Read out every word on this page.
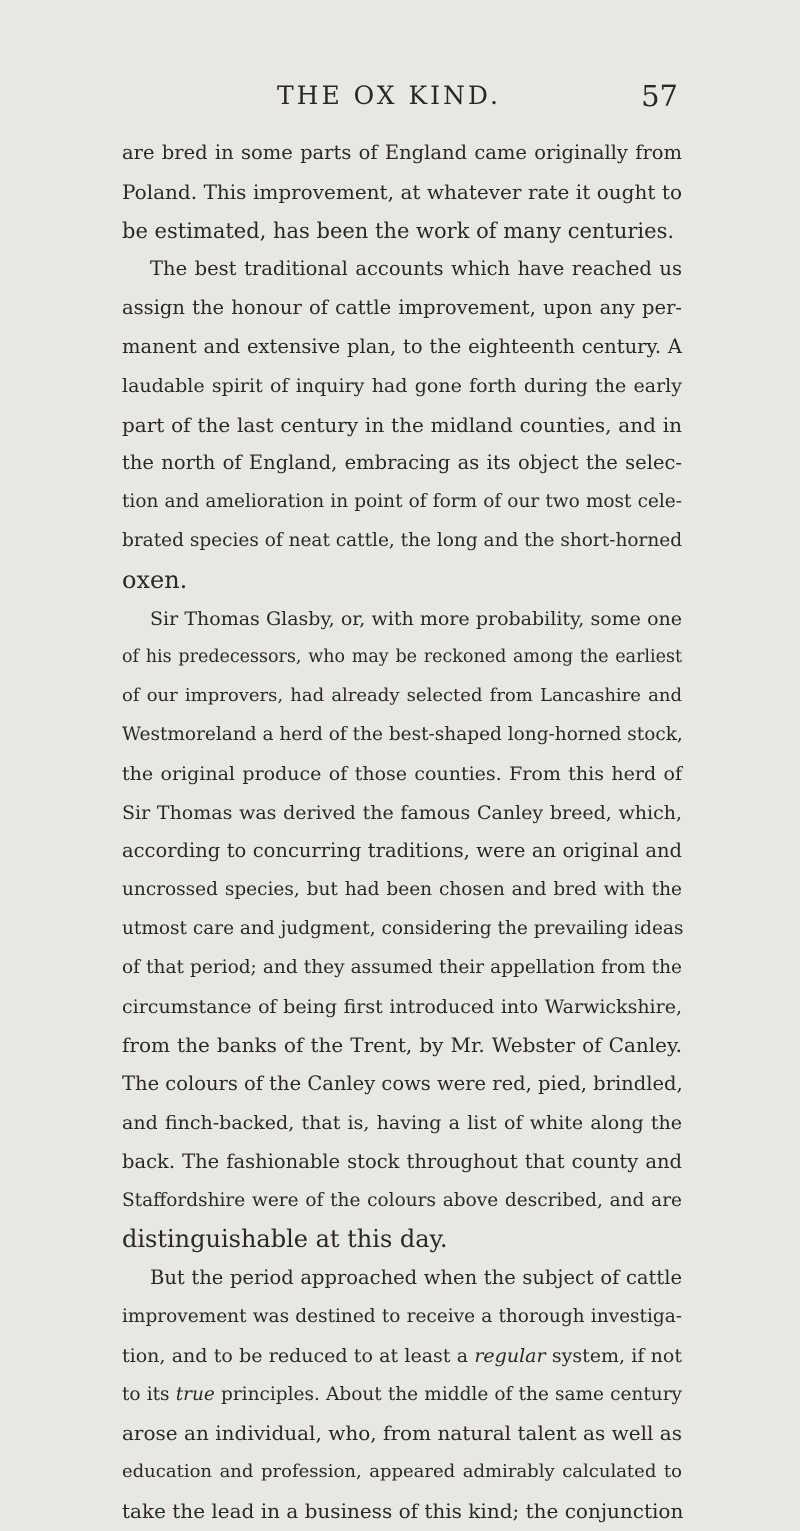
THE OX KIND.	57
are bred in some parts of England came originally from
Poland. This improvement, at whatever rate it ought to
be estimated, has been the work of many centuries.
The best traditional accounts which have reached us
assign the honour of cattle improvement, upon any per-
manent and extensive plan, to the eighteenth century. A
laudable spirit of inquiry had gone forth during the early
part of the last century in the midland counties, and in
the north of England, embracing as its object the selec-
tion and amelioration in point of form of our two most cele-
brated species of neat cattle, the long and the short-horned
oxen.
Sir Thomas Glasby, or, with more probability, some one
of his predecessors, who may be reckoned among the earliest
of our improvers, had already selected from Lancashire and
Westmoreland a herd of the best-shaped long-horned stock,
the original produce of those counties. From this herd of
Sir Thomas was derived the famous Canley breed, which,
according to concurring traditions, were an original and
uncrossed species, but had been chosen and bred with the
utmost care and judgment, considering the prevailing ideas
of that period; and they assumed their appellation from the
circumstance of being first introduced into Warwickshire,
from the banks of the Trent, by Mr. Webster of Canley.
The colours of the Canley cows were red, pied, brindled,
and finch-backed, that is, having a list of white along the
back. The fashionable stock throughout that county and
Staffordshire were of the colours above described, and are
distinguishable at this day.
But the period approached when the subject of cattle
improvement was destined to receive a thorough investiga-
tion, and to be reduced to at least a regular system, if not
to its true principles. About the middle of the same century
arose an individual, who, from natural talent as well as
education and profession, appeared admirably calculated to
take the lead in a business of this kind; the conjunction
